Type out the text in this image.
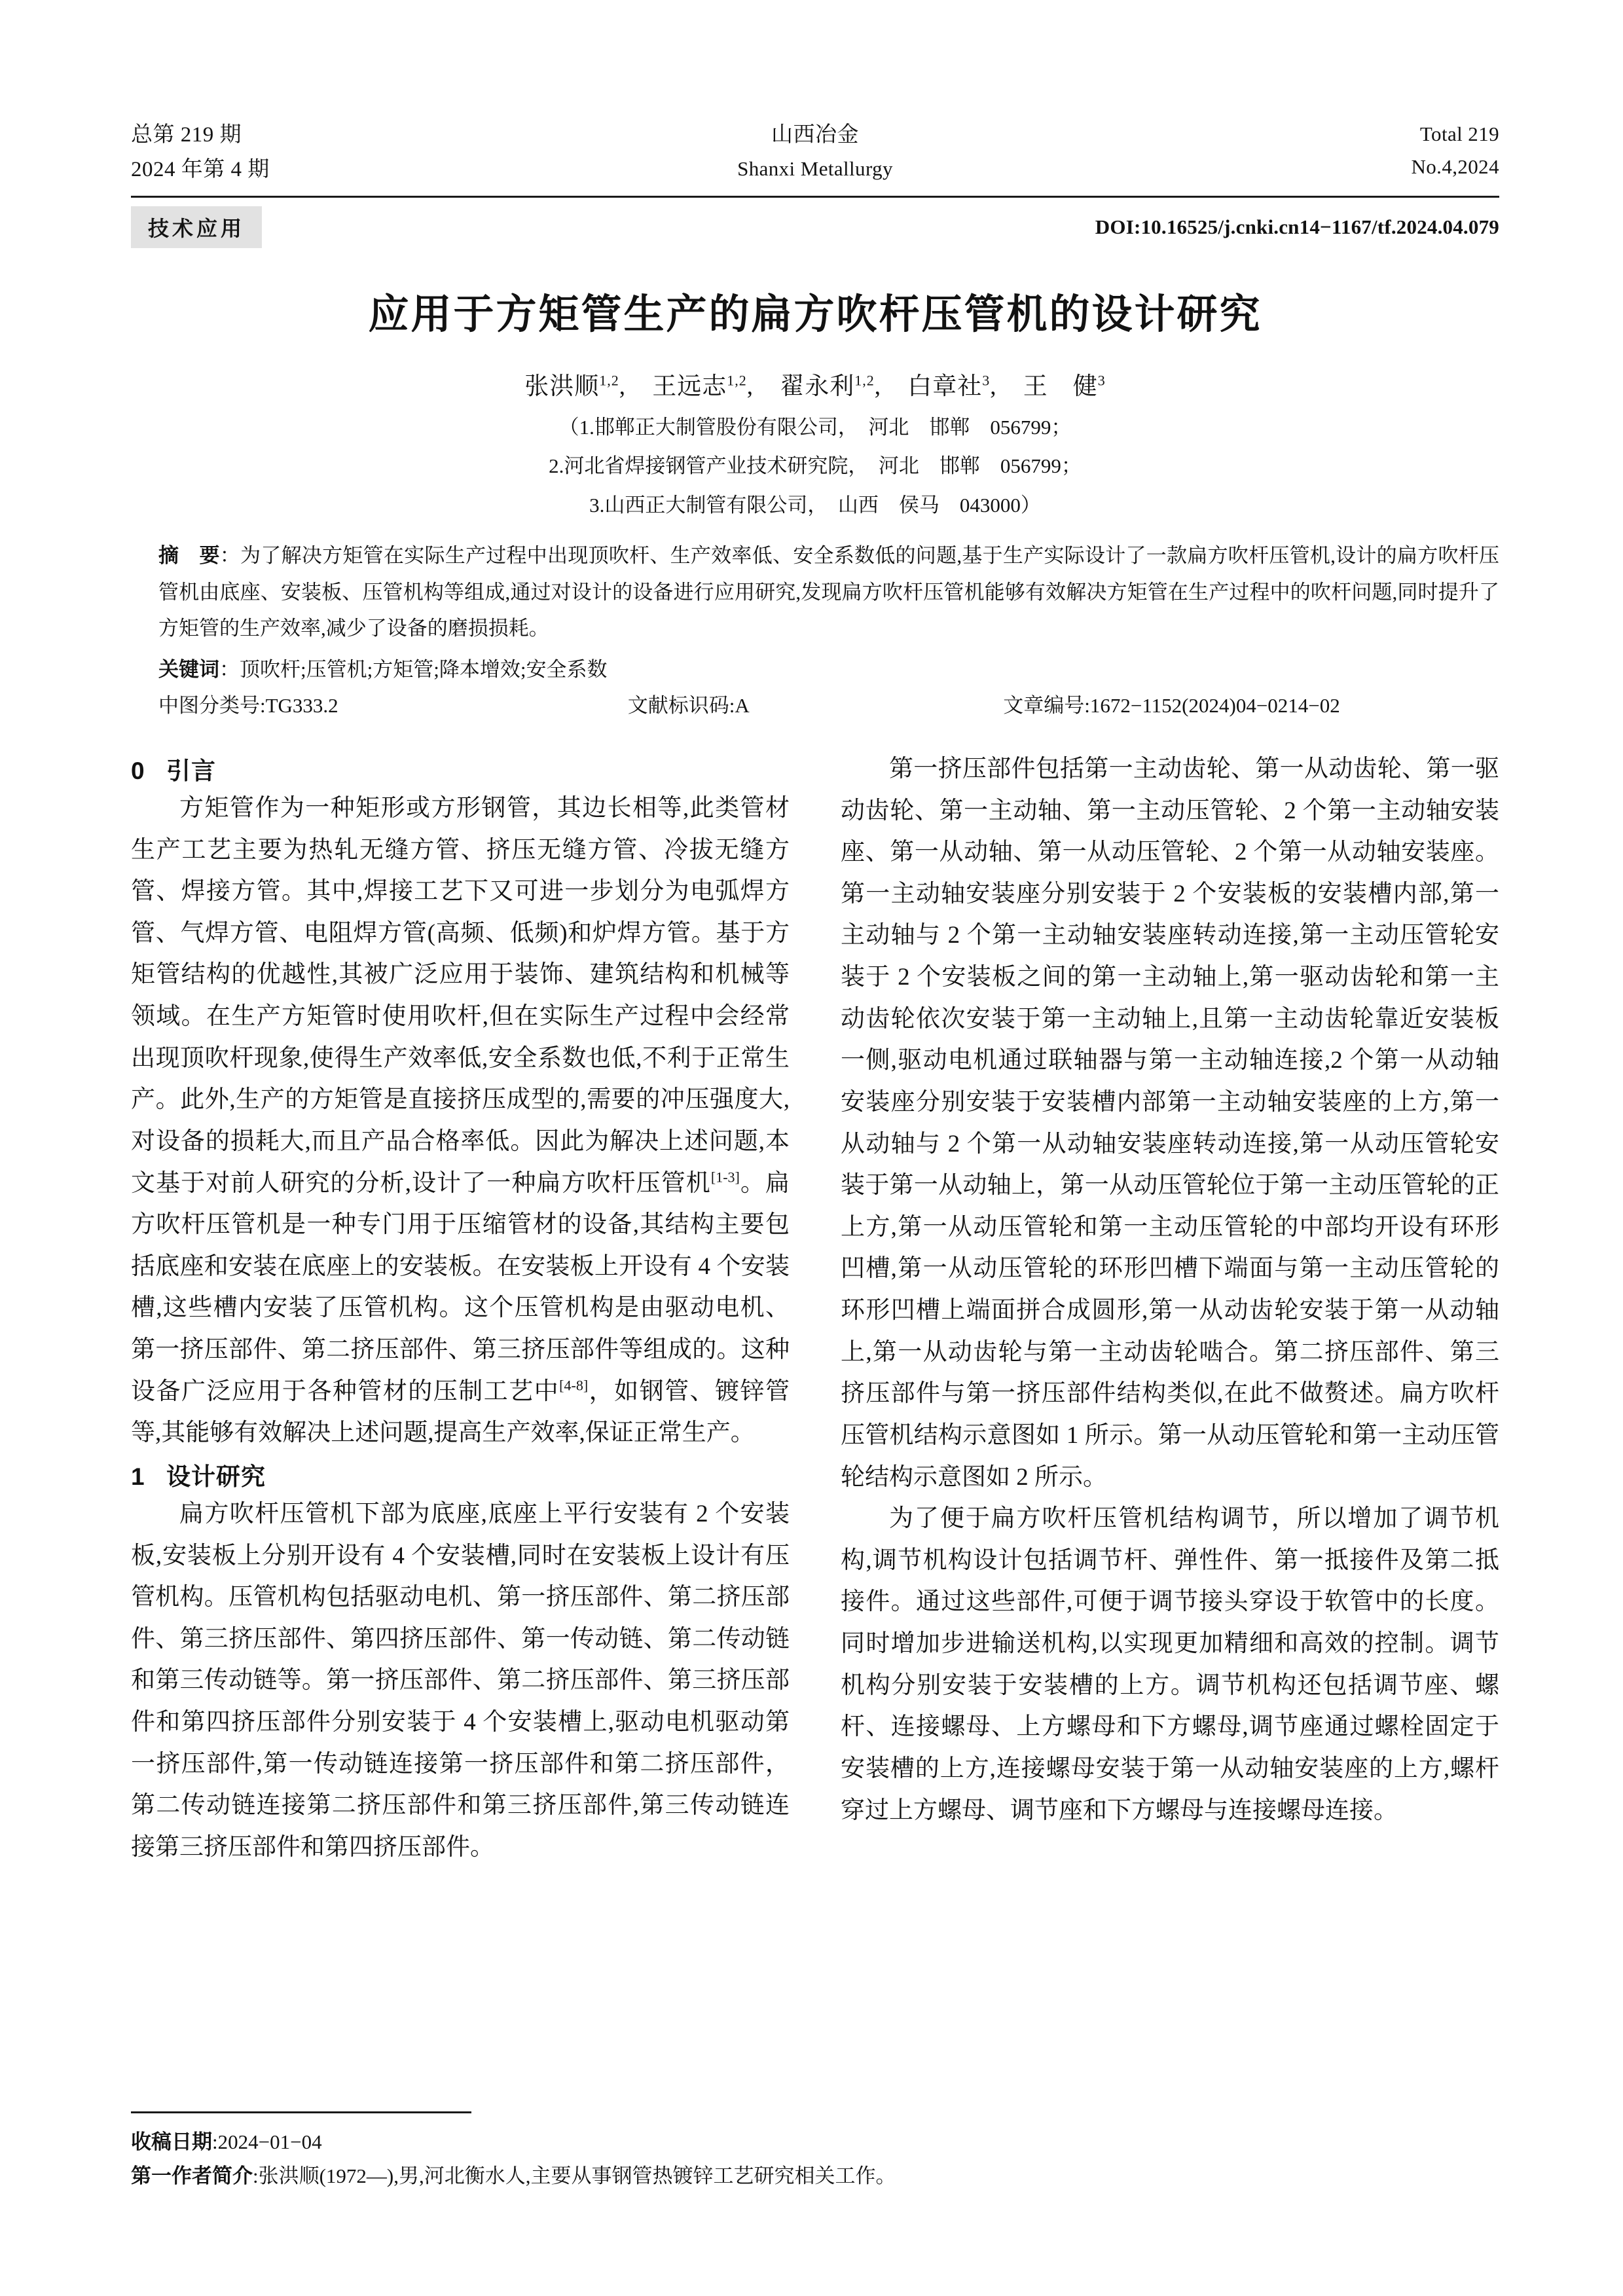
总第 219 期
2024 年第 4 期
山西冶金
Shanxi Metallurgy
Total 219
No.4,2024
技术应用	DOI:10.16525/j.cnki.cn14−1167/tf.2024.04.079
应用于方矩管生产的扁方吹杆压管机的设计研究
张洪顺$^{1,2}$, 王远志$^{1,2}$, 翟永利$^{1,2}$, 白章社$^3$, 王　健$^3$
（1.邯郸正大制管股份有限公司，　河北　邯郸　056799；
2.河北省焊接钢管产业技术研究院，　河北　邯郸　056799；
3.山西正大制管有限公司，　山西　侯马　043000）
摘　要：为了解决方矩管在实际生产过程中出现顶吹杆、生产效率低、安全系数低的问题,基于生产实际设计了一款扁方吹杆压管机,设计的扁方吹杆压管机由底座、安装板、压管机构等组成,通过对设计的设备进行应用研究,发现扁方吹杆压管机能够有效解决方矩管在生产过程中的吹杆问题,同时提升了方矩管的生产效率,减少了设备的磨损损耗。
关键词：顶吹杆;压管机;方矩管;降本增效;安全系数
中图分类号:TG333.2	文献标识码:A	文章编号:1672−1152(2024)04−0214−02
0 引言

方矩管作为一种矩形或方形钢管，其边长相等,此类管材生产工艺主要为热轧无缝方管、挤压无缝方管、冷拔无缝方管、焊接方管。其中,焊接工艺下又可进一步划分为电弧焊方管、气焊方管、电阻焊方管(高频、低频)和炉焊方管。基于方矩管结构的优越性,其被广泛应用于装饰、建筑结构和机械等领域。在生产方矩管时使用吹杆,但在实际生产过程中会经常出现顶吹杆现象,使得生产效率低,安全系数也低,不利于正常生产。此外,生产的方矩管是直接挤压成型的,需要的冲压强度大,对设备的损耗大,而且产品合格率低。因此为解决上述问题,本文基于对前人研究的分析,设计了一种扁方吹杆压管机[1-3]。扁方吹杆压管机是一种专门用于压缩管材的设备,其结构主要包括底座和安装在底座上的安装板。在安装板上开设有 4 个安装槽,这些槽内安装了压管机构。这个压管机构是由驱动电机、第一挤压部件、第二挤压部件、第三挤压部件等组成的。这种设备广泛应用于各种管材的压制工艺中[4-8]，如钢管、镀锌管等,其能够有效解决上述问题,提高生产效率,保证正常生产。

1 设计研究

扁方吹杆压管机下部为底座,底座上平行安装有 2 个安装板,安装板上分别开设有 4 个安装槽,同时在安装板上设计有压管机构。压管机构包括驱动电机、第一挤压部件、第二挤压部件、第三挤压部件、第四挤压部件、第一传动链、第二传动链和第三传动链等。第一挤压部件、第二挤压部件、第三挤压部件和第四挤压部件分别安装于 4 个安装槽上,驱动电机驱动第一挤压部件,第一传动链连接第一挤压部件和第二挤压部件，第二传动链连接第二挤压部件和第三挤压部件,第三传动链连接第三挤压部件和第四挤压部件。

第一挤压部件包括第一主动齿轮、第一从动齿轮、第一驱动齿轮、第一主动轴、第一主动压管轮、2 个第一主动轴安装座、第一从动轴、第一从动压管轮、2 个第一从动轴安装座。第一主动轴安装座分别安装于 2 个安装板的安装槽内部,第一主动轴与 2 个第一主动轴安装座转动连接,第一主动压管轮安装于 2 个安装板之间的第一主动轴上,第一驱动齿轮和第一主动齿轮依次安装于第一主动轴上,且第一主动齿轮靠近安装板一侧,驱动电机通过联轴器与第一主动轴连接,2 个第一从动轴安装座分别安装于安装槽内部第一主动轴安装座的上方,第一从动轴与 2 个第一从动轴安装座转动连接,第一从动压管轮安装于第一从动轴上，第一从动压管轮位于第一主动压管轮的正上方,第一从动压管轮和第一主动压管轮的中部均开设有环形凹槽,第一从动压管轮的环形凹槽下端面与第一主动压管轮的环形凹槽上端面拼合成圆形,第一从动齿轮安装于第一从动轴上,第一从动齿轮与第一主动齿轮啮合。第二挤压部件、第三挤压部件与第一挤压部件结构类似,在此不做赘述。扁方吹杆压管机结构示意图如 1 所示。第一从动压管轮和第一主动压管轮结构示意图如 2 所示。

为了便于扁方吹杆压管机结构调节，所以增加了调节机构,调节机构设计包括调节杆、弹性件、第一抵接件及第二抵接件。通过这些部件,可便于调节接头穿设于软管中的长度。同时增加步进输送机构,以实现更加精细和高效的控制。调节机构分别安装于安装槽的上方。调节机构还包括调节座、螺杆、连接螺母、上方螺母和下方螺母,调节座通过螺栓固定于安装槽的上方,连接螺母安装于第一从动轴安装座的上方,螺杆穿过上方螺母、调节座和下方螺母与连接螺母连接。

收稿日期:2024−01−04
第一作者简介:张洪顺(1972—),男,河北衡水人,主要从事钢管热镀锌工艺研究相关工作。
